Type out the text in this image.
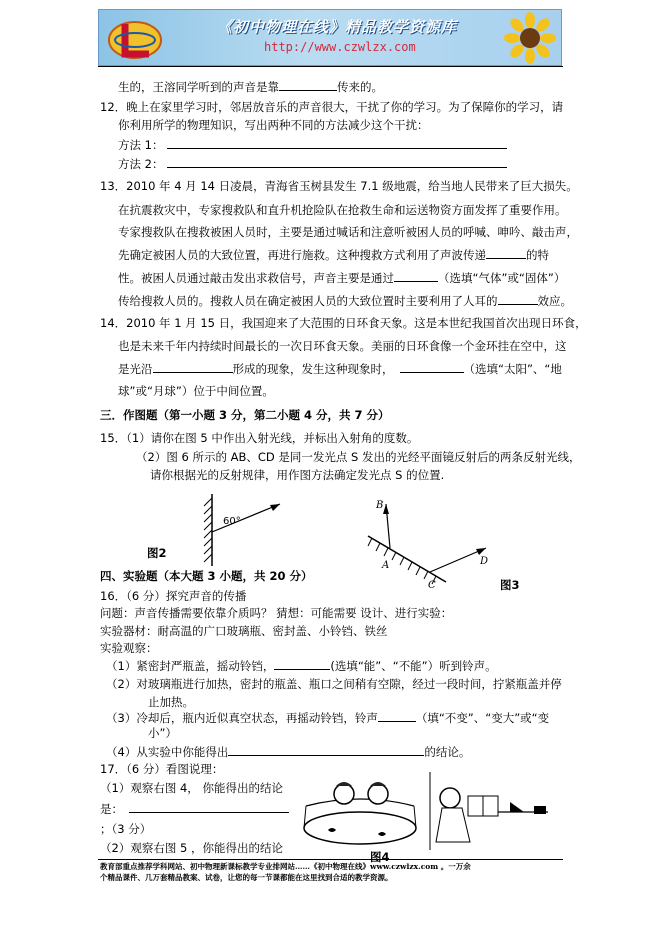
《初中物理在线》精品教学资源库
http://www.czwlzx.com
生的，王溶同学听到的声音是靠	传来的。
12．晚上在家里学习时，邻居放音乐的声音很大，干扰了你的学习。为了保障你的学习，请
你利用所学的物理知识，写出两种不同的方法减少这个干扰：
方法 1：
方法 2：
13．2010 年 4 月 14 日凌晨，青海省玉树县发生 7.1 级地震，给当地人民带来了巨大损失。
在抗震救灾中，专家搜救队和直升机抢险队在抢救生命和运送物资方面发挥了重要作用。
专家搜救队在搜救被困人员时，主要是通过喊话和注意听被困人员的呼喊、呻吟、敲击声，
先确定被困人员的大致位置，再进行施救。这种搜救方式利用了声波传递	的特
性。被困人员通过敲击发出求救信号，声音主要是通过	（选填“气体”或“固体”）
传给搜救人员的。搜救人员在确定被困人员的大致位置时主要利用了人耳的	效应。
14．2010 年 1 月 15 日，我国迎来了大范围的日环食天象。这是本世纪我国首次出现日环食，
也是未来千年内持续时间最长的一次日环食天象。美丽的日环食像一个金环挂在空中，这
是光沿	形成的现象，发生这种现象时，	（选填“太阳”、“地
球”或“月球”）位于中间位置。
三．作图题（第一小题 3 分，第二小题 4 分，共 7 分）
15．（1）请你在图 5 中作出入射光线，并标出入射角的度数。
（2）图 6 所示的 AB、CD 是同一发光点 S 发出的光经平面镜反射后的两条反射光线，
请你根据光的反射规律，用作图方法确定发光点 S 的位置.
60°
图2
B
A
C
D
图3
四、实验题（本大题 3 小题，共 20 分）
16．（6 分）探究声音的传播
问题：声音传播需要依靠介质吗？ 猜想：可能需要 设计、进行实验：
实验器材：耐高温的广口玻璃瓶、密封盖、小铃铛、铁丝
实验观察：
（1）紧密封严瓶盖，摇动铃铛，	(选填“能”、“不能”）听到铃声。
（2）对玻璃瓶进行加热，密封的瓶盖、瓶口之间稍有空隙，经过一段时间，拧紧瓶盖并停
止加热。
（3）冷却后，瓶内近似真空状态，再摇动铃铛，铃声	（填“不变”、“变大”或“变
小”）
（4）从实验中你能得出	的结论。
17．（6 分）看图说理：
（1）观察右图 4， 你能得出的结论
是：
；（3 分）
（2）观察右图 5 ，你能得出的结论
图4
教育部重点推荐学科网站、初中物理新课标教学专业排网站……《初中物理在线》www.czwlzx.com 。一万余
个精品课件、几万套精品教案、试卷，让您的每一节课都能在这里找到合适的教学资源。
